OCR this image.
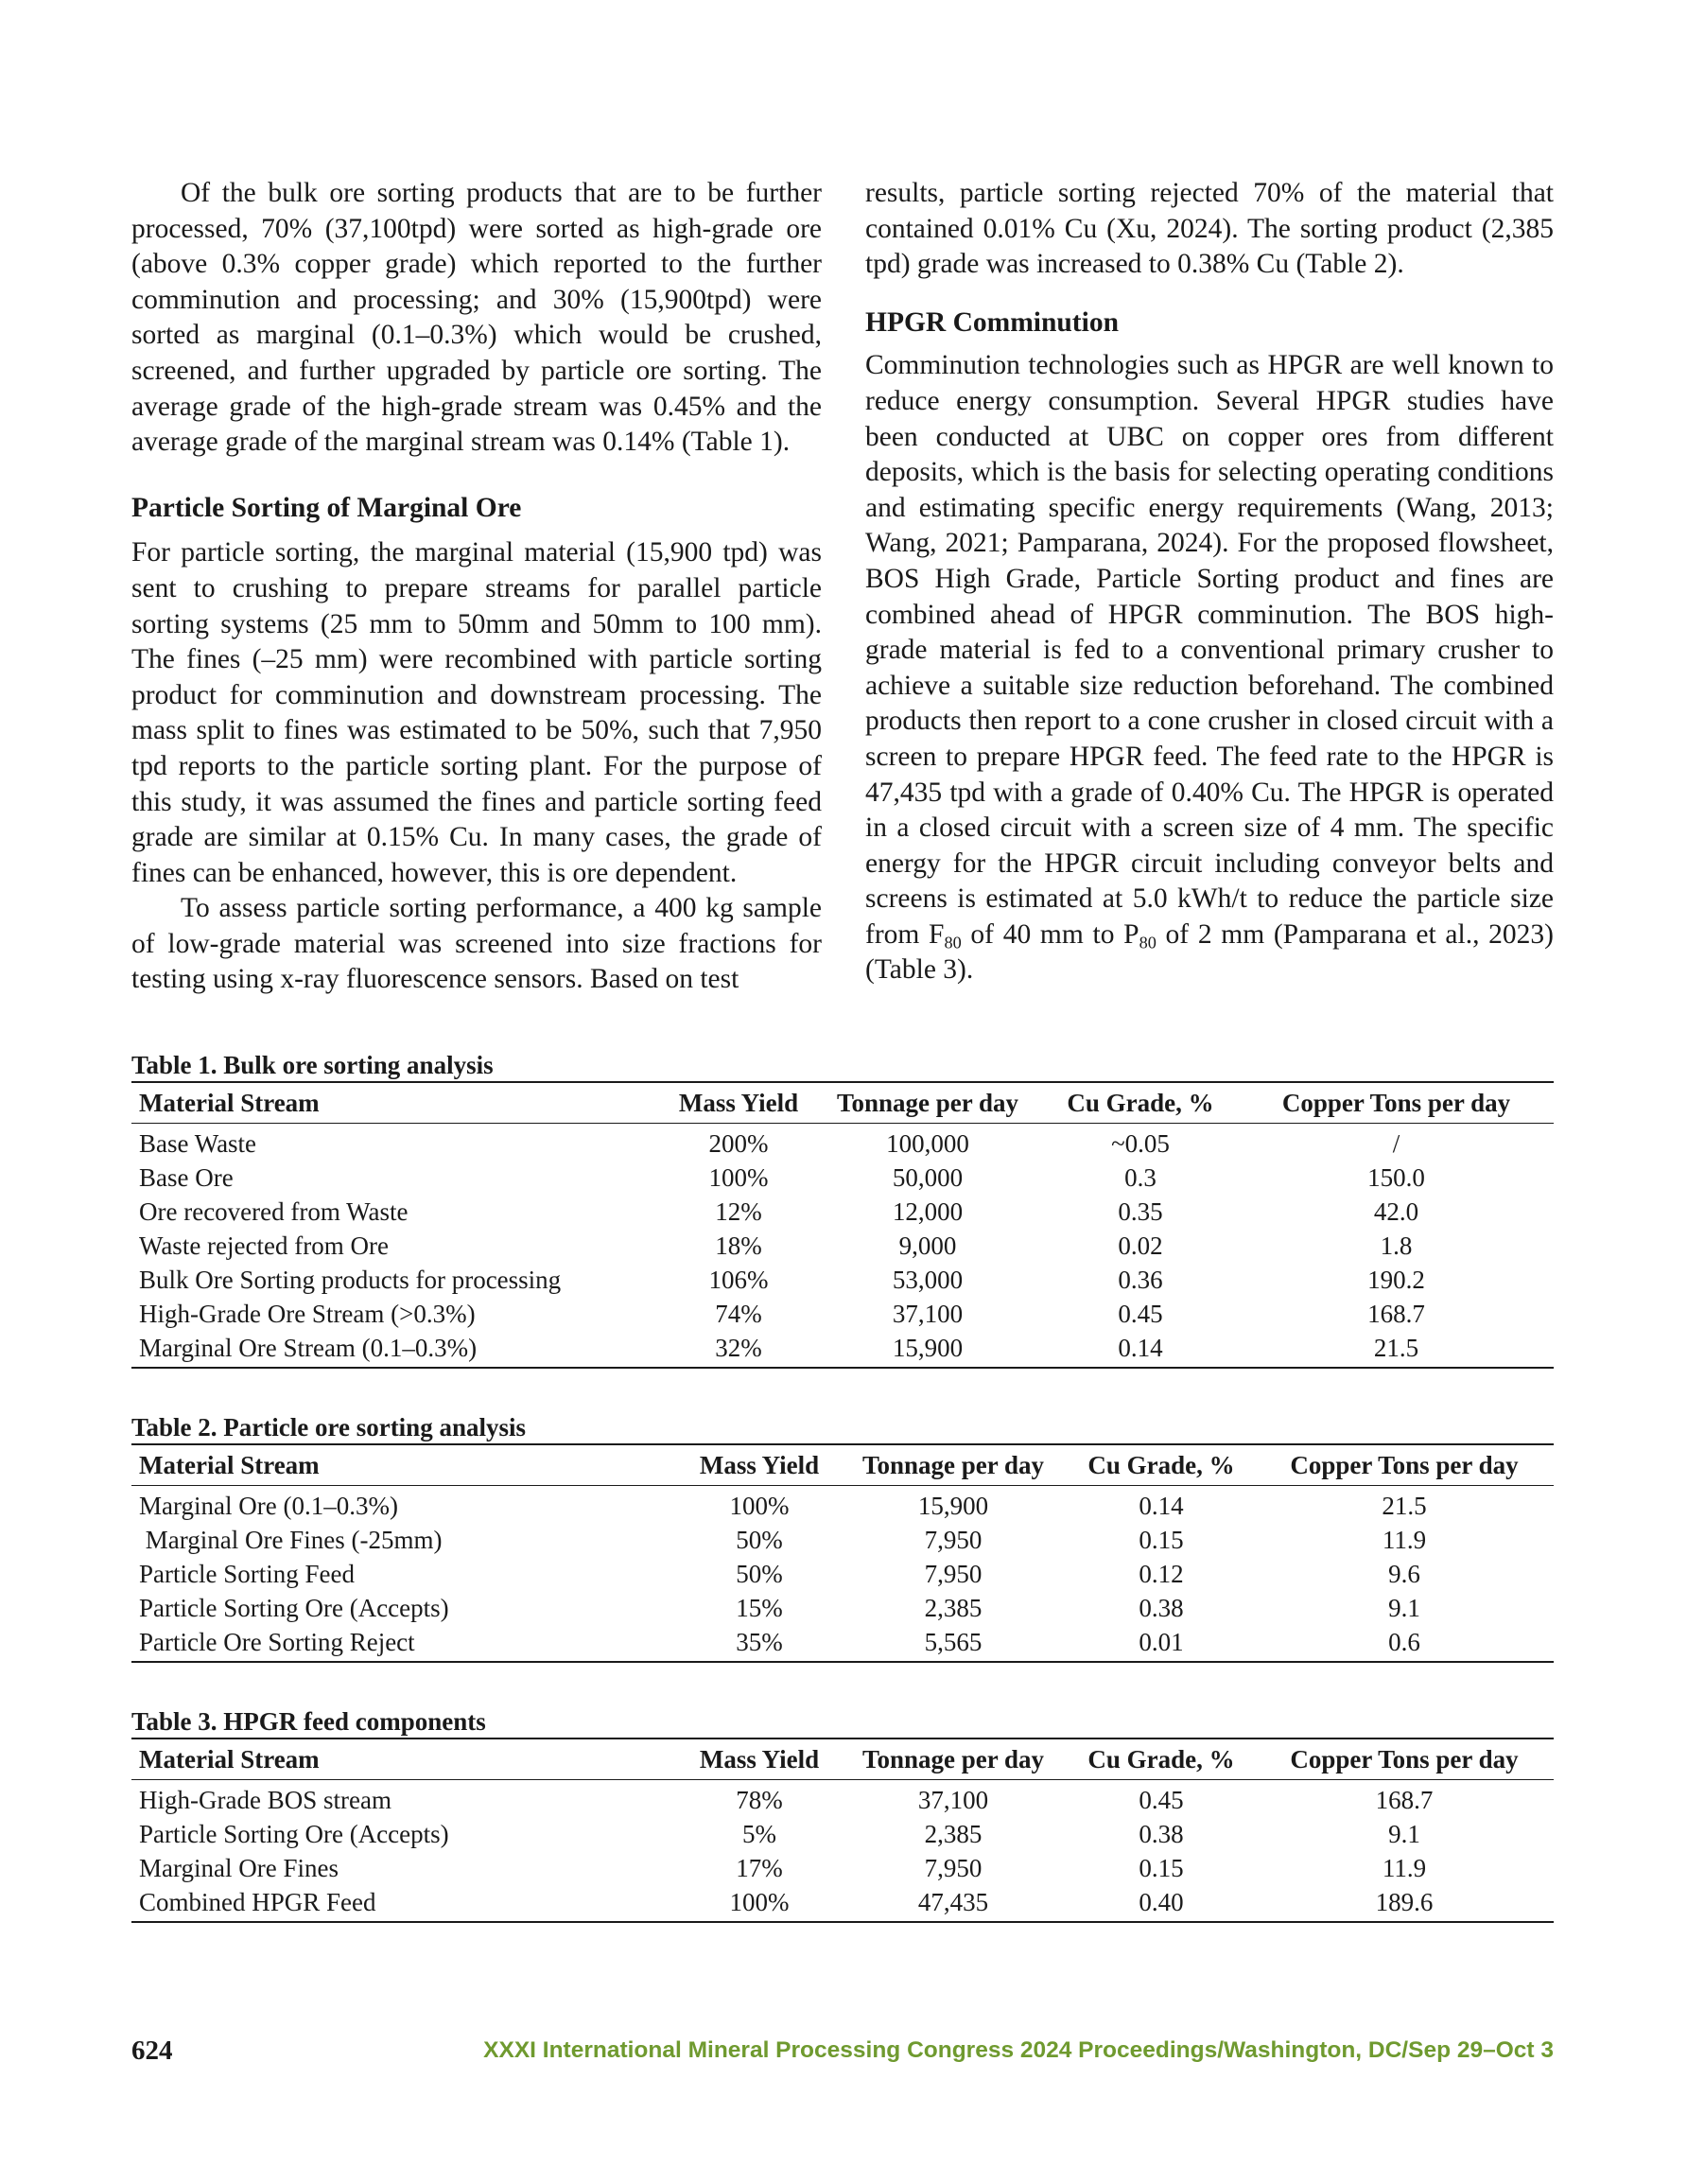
Of the bulk ore sorting products that are to be further processed, 70% (37,100tpd) were sorted as high-grade ore (above 0.3% copper grade) which reported to the further comminution and processing; and 30% (15,900tpd) were sorted as marginal (0.1–0.3%) which would be crushed, screened, and further upgraded by particle ore sorting. The average grade of the high-grade stream was 0.45% and the average grade of the marginal stream was 0.14% (Table 1).

Particle Sorting of Marginal Ore

For particle sorting, the marginal material (15,900 tpd) was sent to crushing to prepare streams for parallel particle sorting systems (25 mm to 50mm and 50mm to 100 mm). The fines (–25 mm) were recombined with particle sorting product for comminution and downstream processing. The mass split to fines was estimated to be 50%, such that 7,950 tpd reports to the particle sorting plant. For the purpose of this study, it was assumed the fines and particle sorting feed grade are similar at 0.15% Cu. In many cases, the grade of fines can be enhanced, however, this is ore dependent.

To assess particle sorting performance, a 400 kg sample of low-grade material was screened into size fractions for testing using x-ray fluorescence sensors. Based on test

results, particle sorting rejected 70% of the material that contained 0.01% Cu (Xu, 2024). The sorting product (2,385 tpd) grade was increased to 0.38% Cu (Table 2).

HPGR Comminution

Comminution technologies such as HPGR are well known to reduce energy consumption. Several HPGR studies have been conducted at UBC on copper ores from different deposits, which is the basis for selecting operating conditions and estimating specific energy requirements (Wang, 2013; Wang, 2021; Pamparana, 2024). For the proposed flowsheet, BOS High Grade, Particle Sorting product and fines are combined ahead of HPGR comminution. The BOS high-grade material is fed to a conventional primary crusher to achieve a suitable size reduction beforehand. The combined products then report to a cone crusher in closed circuit with a screen to prepare HPGR feed. The feed rate to the HPGR is 47,435 tpd with a grade of 0.40% Cu. The HPGR is operated in a closed circuit with a screen size of 4 mm. The specific energy for the HPGR circuit including conveyor belts and screens is estimated at 5.0 kWh/t to reduce the particle size from $F_{80}$ of 40 mm to $P_{80}$ of 2 mm (Pamparana et al., 2023) (Table 3).

Table 1. Bulk ore sorting analysis
Material Stream	Mass Yield	Tonnage per day	Cu Grade, %	Copper Tons per day
Base Waste	200%	100,000	~0.05	/
Base Ore	100%	50,000	0.3	150.0
Ore recovered from Waste	12%	12,000	0.35	42.0
Waste rejected from Ore	18%	9,000	0.02	1.8
Bulk Ore Sorting products for processing	106%	53,000	0.36	190.2
High-Grade Ore Stream (>0.3%)	74%	37,100	0.45	168.7
Marginal Ore Stream (0.1–0.3%)	32%	15,900	0.14	21.5
Table 2. Particle ore sorting analysis
Material Stream	Mass Yield	Tonnage per day	Cu Grade, %	Copper Tons per day
Marginal Ore (0.1–0.3%)	100%	15,900	0.14	21.5
Marginal Ore Fines (-25mm)	50%	7,950	0.15	11.9
Particle Sorting Feed	50%	7,950	0.12	9.6
Particle Sorting Ore (Accepts)	15%	2,385	0.38	9.1
Particle Ore Sorting Reject	35%	5,565	0.01	0.6
Table 3. HPGR feed components
Material Stream	Mass Yield	Tonnage per day	Cu Grade, %	Copper Tons per day
High-Grade BOS stream	78%	37,100	0.45	168.7
Particle Sorting Ore (Accepts)	5%	2,385	0.38	9.1
Marginal Ore Fines	17%	7,950	0.15	11.9
Combined HPGR Feed	100%	47,435	0.40	189.6
624	XXXI International Mineral Processing Congress 2024 Proceedings/Washington, DC/Sep 29–Oct 3
